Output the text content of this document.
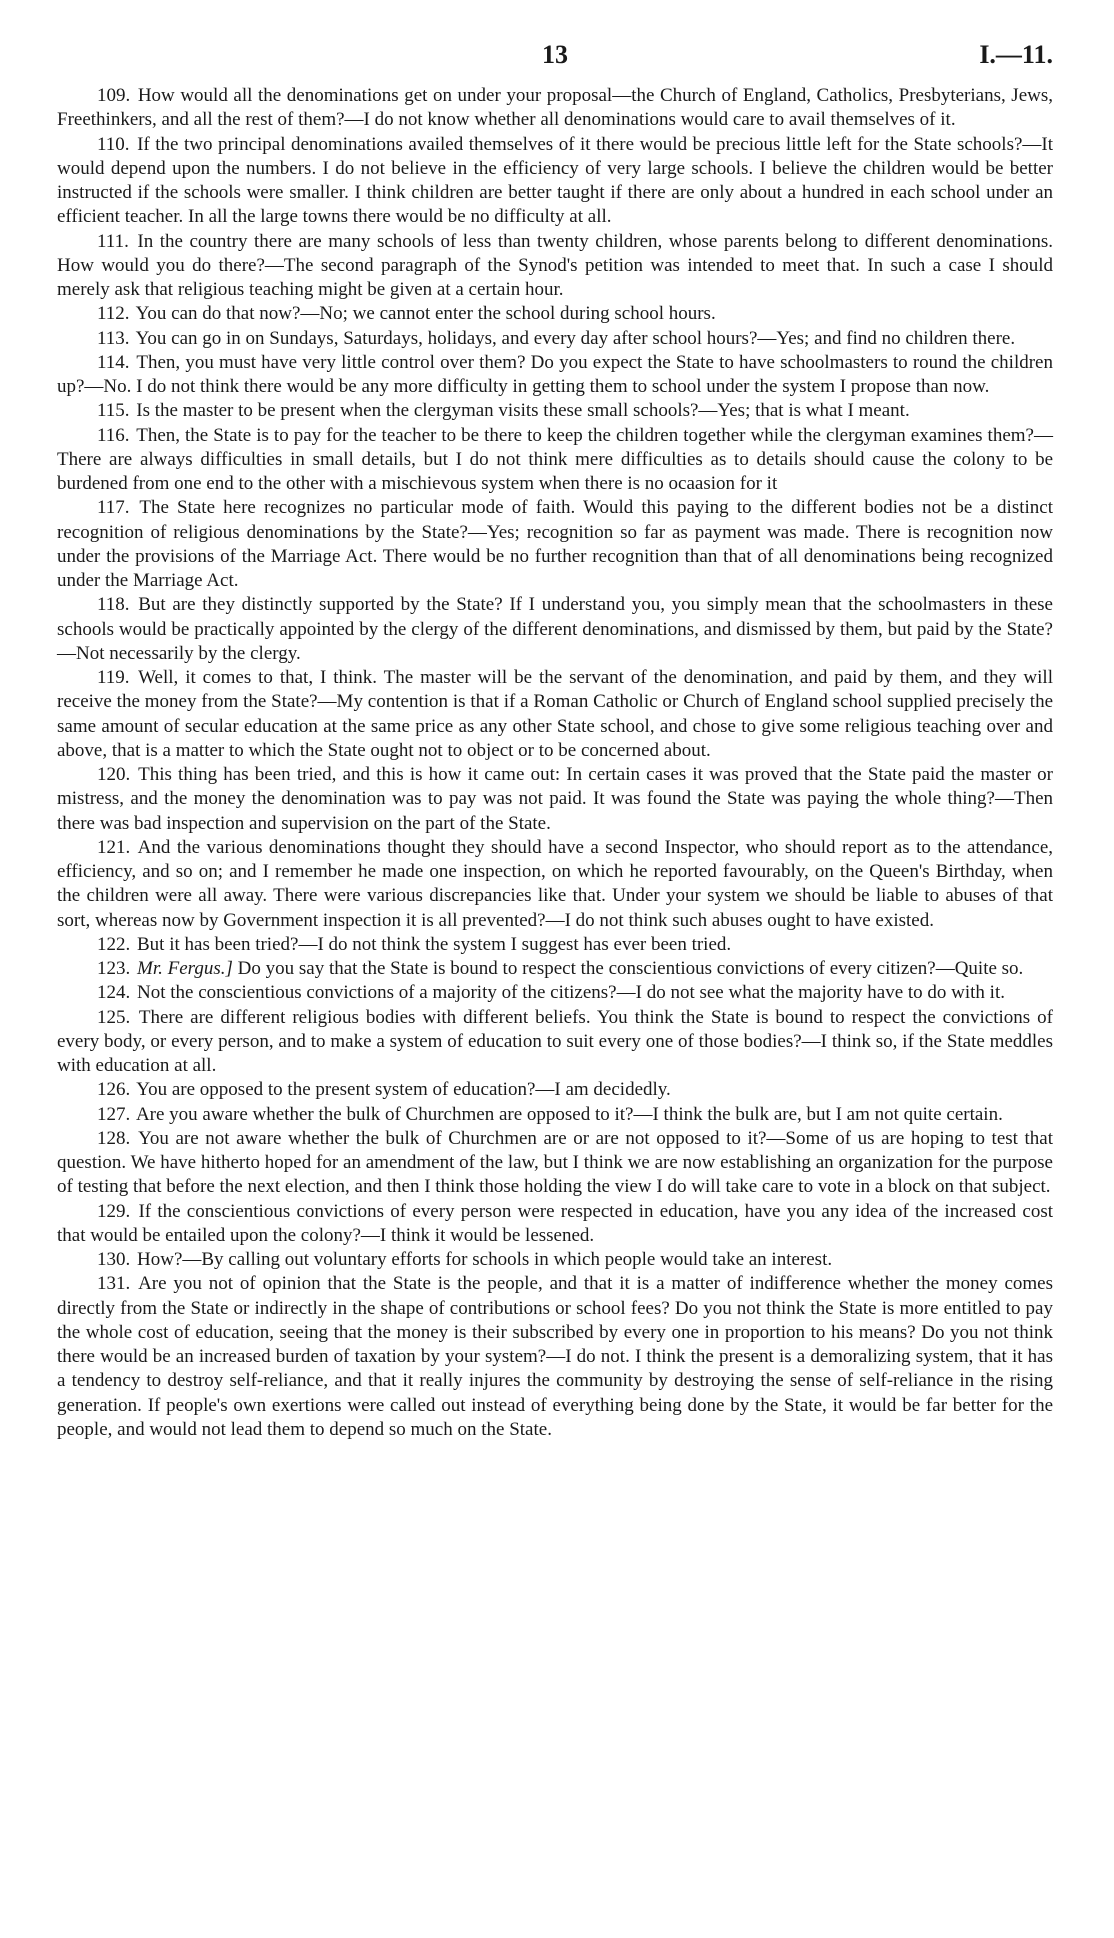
13	I.—11.

109. How would all the denominations get on under your proposal—the Church of England, Catholics, Presbyterians, Jews, Freethinkers, and all the rest of them?—I do not know whether all denominations would care to avail themselves of it.

110. If the two principal denominations availed themselves of it there would be precious little left for the State schools?—It would depend upon the numbers. I do not believe in the efficiency of very large schools. I believe the children would be better instructed if the schools were smaller. I think children are better taught if there are only about a hundred in each school under an efficient teacher. In all the large towns there would be no difficulty at all.

111. In the country there are many schools of less than twenty children, whose parents belong to different denominations. How would you do there?—The second paragraph of the Synod's petition was intended to meet that. In such a case I should merely ask that religious teaching might be given at a certain hour.

112. You can do that now?—No; we cannot enter the school during school hours.

113. You can go in on Sundays, Saturdays, holidays, and every day after school hours?—Yes; and find no children there.

114. Then, you must have very little control over them? Do you expect the State to have schoolmasters to round the children up?—No. I do not think there would be any more difficulty in getting them to school under the system I propose than now.

115. Is the master to be present when the clergyman visits these small schools?—Yes; that is what I meant.

116. Then, the State is to pay for the teacher to be there to keep the children together while the clergyman examines them?—There are always difficulties in small details, but I do not think mere difficulties as to details should cause the colony to be burdened from one end to the other with a mischievous system when there is no ocaasion for it

117. The State here recognizes no particular mode of faith. Would this paying to the different bodies not be a distinct recognition of religious denominations by the State?—Yes; recognition so far as payment was made. There is recognition now under the provisions of the Marriage Act. There would be no further recognition than that of all denominations being recognized under the Marriage Act.

118. But are they distinctly supported by the State? If I understand you, you simply mean that the schoolmasters in these schools would be practically appointed by the clergy of the different denominations, and dismissed by them, but paid by the State?—Not necessarily by the clergy.

119. Well, it comes to that, I think. The master will be the servant of the denomination, and paid by them, and they will receive the money from the State?—My contention is that if a Roman Catholic or Church of England school supplied precisely the same amount of secular education at the same price as any other State school, and chose to give some religious teaching over and above, that is a matter to which the State ought not to object or to be concerned about.

120. This thing has been tried, and this is how it came out: In certain cases it was proved that the State paid the master or mistress, and the money the denomination was to pay was not paid. It was found the State was paying the whole thing?—Then there was bad inspection and supervision on the part of the State.

121. And the various denominations thought they should have a second Inspector, who should report as to the attendance, efficiency, and so on; and I remember he made one inspection, on which he reported favourably, on the Queen's Birthday, when the children were all away. There were various discrepancies like that. Under your system we should be liable to abuses of that sort, whereas now by Government inspection it is all prevented?—I do not think such abuses ought to have existed.

122. But it has been tried?—I do not think the system I suggest has ever been tried.

123. Mr. Fergus.] Do you say that the State is bound to respect the conscientious convictions of every citizen?—Quite so.

124. Not the conscientious convictions of a majority of the citizens?—I do not see what the majority have to do with it.

125. There are different religious bodies with different beliefs. You think the State is bound to respect the convictions of every body, or every person, and to make a system of education to suit every one of those bodies?—I think so, if the State meddles with education at all.

126. You are opposed to the present system of education?—I am decidedly.

127. Are you aware whether the bulk of Churchmen are opposed to it?—I think the bulk are, but I am not quite certain.

128. You are not aware whether the bulk of Churchmen are or are not opposed to it?—Some of us are hoping to test that question. We have hitherto hoped for an amendment of the law, but I think we are now establishing an organization for the purpose of testing that before the next election, and then I think those holding the view I do will take care to vote in a block on that subject.

129. If the conscientious convictions of every person were respected in education, have you any idea of the increased cost that would be entailed upon the colony?—I think it would be lessened.

130. How?—By calling out voluntary efforts for schools in which people would take an interest.

131. Are you not of opinion that the State is the people, and that it is a matter of indifference whether the money comes directly from the State or indirectly in the shape of contributions or school fees? Do you not think the State is more entitled to pay the whole cost of education, seeing that the money is their subscribed by every one in proportion to his means? Do you not think there would be an increased burden of taxation by your system?—I do not. I think the present is a demoralizing system, that it has a tendency to destroy self-reliance, and that it really injures the community by destroying the sense of self-reliance in the rising generation. If people's own exertions were called out instead of everything being done by the State, it would be far better for the people, and would not lead them to depend so much on the State.
